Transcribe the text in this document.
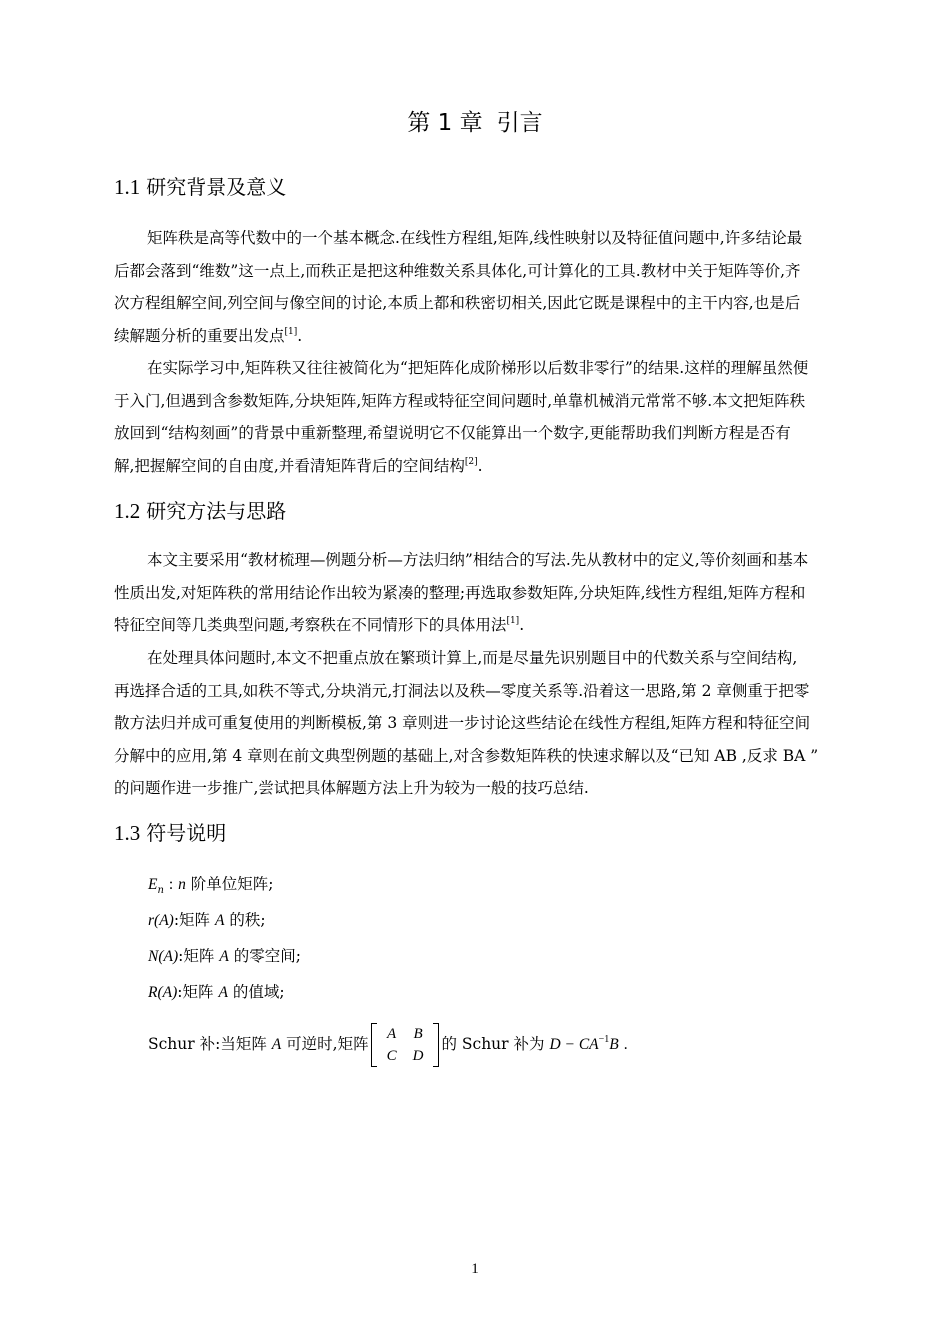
第 1 章 引言
1.1 研究背景及意义
矩阵秩是高等代数中的一个基本概念.在线性方程组,矩阵,线性映射以及特征值问题中,许多结论最
后都会落到“维数”这一点上,而秩正是把这种维数关系具体化,可计算化的工具.教材中关于矩阵等价,齐
次方程组解空间,列空间与像空间的讨论,本质上都和秩密切相关,因此它既是课程中的主干内容,也是后
续解题分析的重要出发点[1].
在实际学习中,矩阵秩又往往被简化为“把矩阵化成阶梯形以后数非零行”的结果.这样的理解虽然便
于入门,但遇到含参数矩阵,分块矩阵,矩阵方程或特征空间问题时,单靠机械消元常常不够.本文把矩阵秩
放回到“结构刻画”的背景中重新整理,希望说明它不仅能算出一个数字,更能帮助我们判断方程是否有
解,把握解空间的自由度,并看清矩阵背后的空间结构[2].
1.2 研究方法与思路
本文主要采用“教材梳理—例题分析—方法归纳”相结合的写法.先从教材中的定义,等价刻画和基本
性质出发,对矩阵秩的常用结论作出较为紧凑的整理;再选取参数矩阵,分块矩阵,线性方程组,矩阵方程和
特征空间等几类典型问题,考察秩在不同情形下的具体用法[1].
在处理具体问题时,本文不把重点放在繁琐计算上,而是尽量先识别题目中的代数关系与空间结构,
再选择合适的工具,如秩不等式,分块消元,打洞法以及秩—零度关系等.沿着这一思路,第 2 章侧重于把零
散方法归并成可重复使用的判断模板,第 3 章则进一步讨论这些结论在线性方程组,矩阵方程和特征空间
分解中的应用,第 4 章则在前文典型例题的基础上,对含参数矩阵秩的快速求解以及“已知 AB ,反求 BA ”
的问题作进一步推广,尝试把具体解题方法上升为较为一般的技巧总结.
1.3 符号说明
$E_n$ : n 阶单位矩阵;
r(A):矩阵 A 的秩;
N(A):矩阵 A 的零空间;
R(A):矩阵 A 的值域;
Schur 补:当矩阵 A 可逆时,矩阵
A	B
C	D
的 Schur 补为 $D - CA^{-1}B$ .
1
